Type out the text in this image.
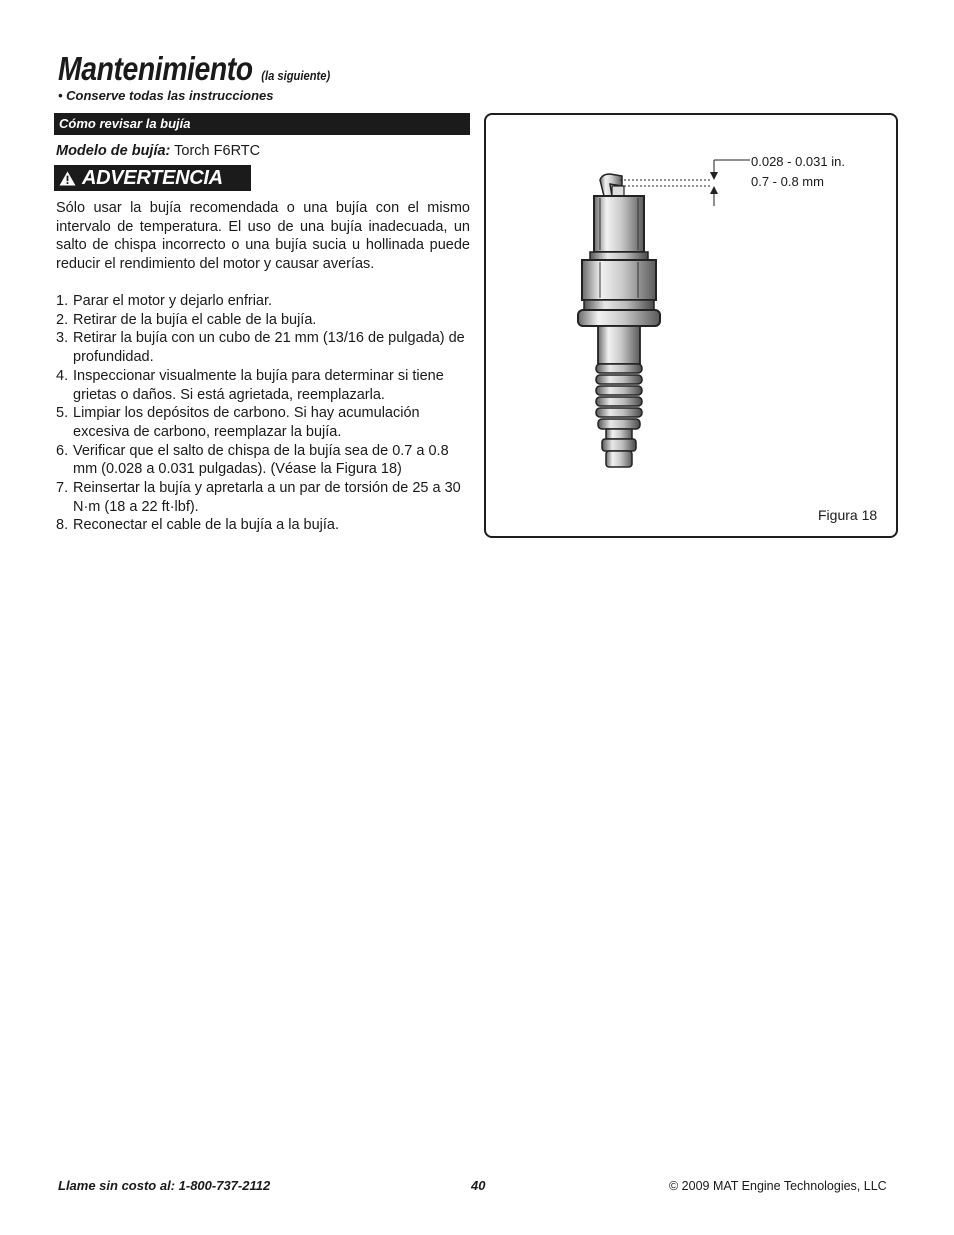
Mantenimiento (la siguiente)
• Conserve todas las instrucciones
Cómo revisar la bujía
Modelo de bujía: Torch F6RTC
ADVERTENCIA

Sólo usar la bujía recomendada o una bujía con el mismo intervalo de temperatura. El uso de una bujía inadecuada, un salto de chispa incorrecto o una bujía sucia u hollinada puede reducir el rendimiento del motor y causar averías.

1. Parar el motor y dejarlo enfriar.
2. Retirar de la bujía el cable de la bujía.
3. Retirar la bujía con un cubo de 21 mm (13/16 de pulgada) de profundidad.
4. Inspeccionar visualmente la bujía para determinar si tiene grietas o daños. Si está agrietada, reemplazarla.
5. Limpiar los depósitos de carbono. Si hay acumulación excesiva de carbono, reemplazar la bujía.
6. Verificar que el salto de chispa de la bujía sea de 0.7 a 0.8 mm (0.028 a 0.031 pulgadas). (Véase la Figura 18)
7. Reinsertar la bujía y apretarla a un par de torsión de 25 a 30 N·m (18 a 22 ft·lbf).
8. Reconectar el cable de la bujía a la bujía.
0.028 - 0.031 in.
0.7 - 0.8 mm
Figura 18
Llame sin costo al: 1-800-737-2112	40	© 2009 MAT Engine Technologies, LLC
